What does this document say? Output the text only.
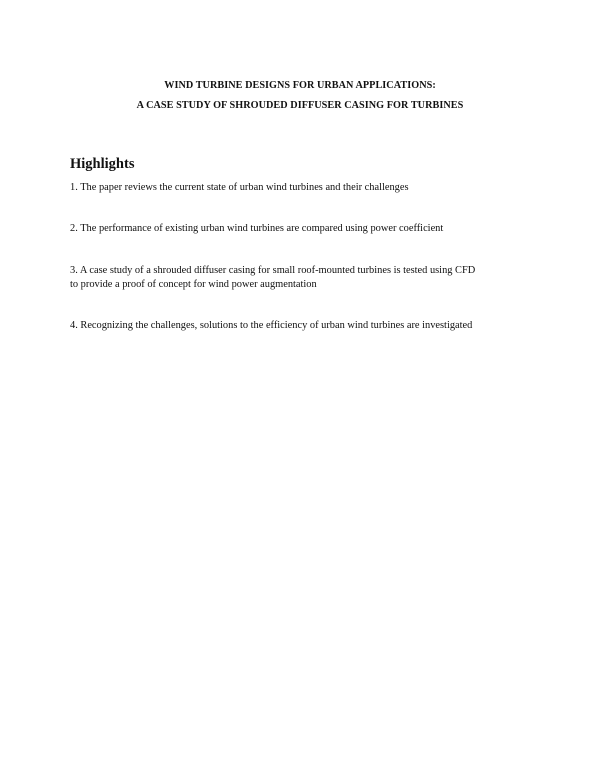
WIND TURBINE DESIGNS FOR URBAN APPLICATIONS:
A CASE STUDY OF SHROUDED DIFFUSER CASING FOR TURBINES
Highlights
1. The paper reviews the current state of urban wind turbines and their challenges
2. The performance of existing urban wind turbines are compared using power coefficient
3. A case study of a shrouded diffuser casing for small roof-mounted turbines is tested using CFD
to provide a proof of concept for wind power augmentation
4. Recognizing the challenges, solutions to the efficiency of urban wind turbines are investigated
